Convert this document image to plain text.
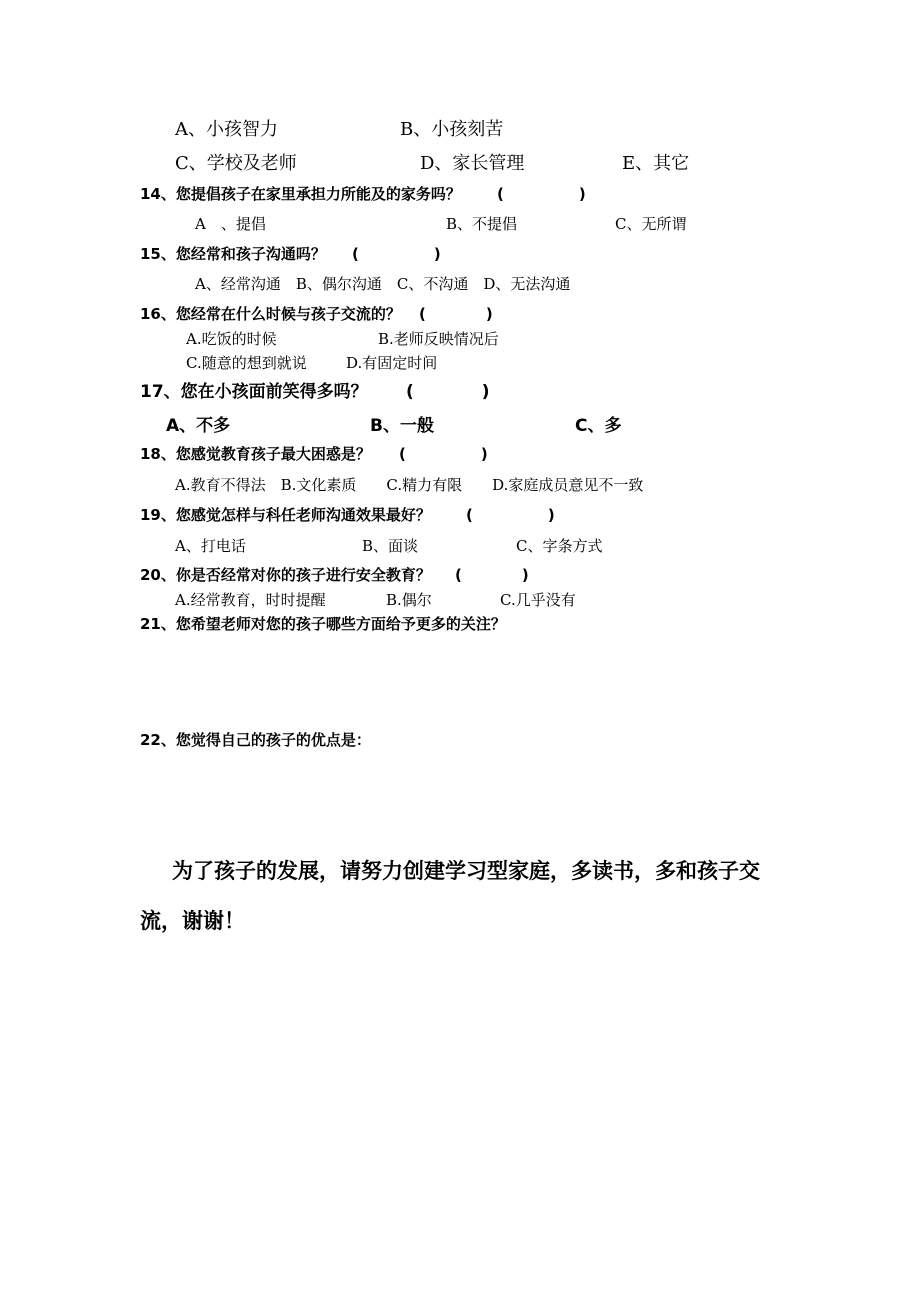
A、小孩智力	B、小孩刻苦
C、学校及老师	D、家长管理	E、其它
14、您提倡孩子在家里承担力所能及的家务吗？ (　　　　　)
A　、提倡	B、不提倡	C、无所谓
15、您经常和孩子沟通吗？ (　　　　　)
A、经常沟通　B、偶尔沟通　C、不沟通　D、无法沟通
16、您经常在什么时候与孩子交流的？ (　　　　)
A.吃饭的时候	B.老师反映情况后
C.随意的想到就说	D.有固定时间
17、您在小孩面前笑得多吗？ (　　　　)
A、不多	B、一般	C、多
18、您感觉教育孩子最大困惑是？ (　　　　　)
A.教育不得法　B.文化素质　　C.精力有限　　D.家庭成员意见不一致
19、您感觉怎样与科任老师沟通效果最好？ (　　　　　)
A、打电话	B、面谈	C、字条方式
20、你是否经常对你的孩子进行安全教育？ (　　　　)
A.经常教育，时时提醒	B.偶尔	C.几乎没有
21、您希望老师对您的孩子哪些方面给予更多的关注？
22、您觉得自己的孩子的优点是：
为了孩子的发展，请努力创建学习型家庭，多读书，多和孩子交
流，谢谢！
